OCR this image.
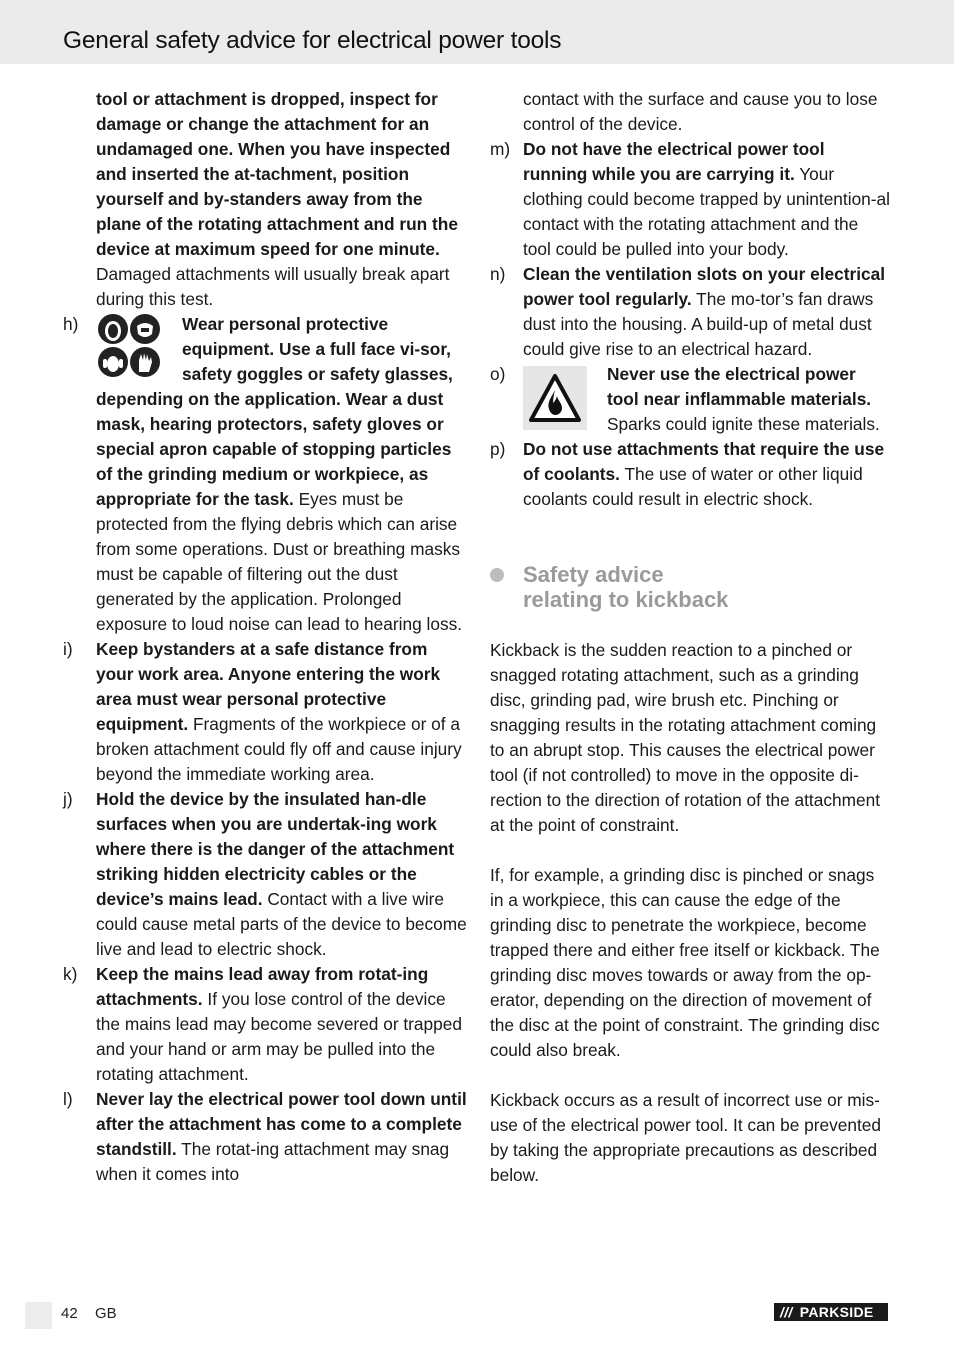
General safety advice for electrical power tools

tool or attachment is dropped, inspect for damage or change the attachment for an undamaged one. When you have inspected and inserted the at-tachment, position yourself and by-standers away from the plane of the rotating attachment and run the device at maximum speed for one minute.

Damaged attachments will usually break apart during this test.

h)	Wear personal protective equipment. Use a full face vi-sor, safety goggles or safety glasses, depending on the application. Wear a dust mask, hearing protectors, safety gloves or special apron capable of stopping particles of the grinding medium or workpiece, as appropriate for the task. Eyes must be protected from the flying debris which can arise from some operations. Dust or breathing masks must be capable of filtering out the dust generated by the application. Prolonged exposure to loud noise can lead to hearing loss.

i)	Keep bystanders at a safe distance from your work area. Anyone entering the work area must wear personal protective equipment. Fragments of the workpiece or of a broken attachment could fly off and cause injury beyond the immediate working area.

j)	Hold the device by the insulated han-dle surfaces when you are undertak-ing work where there is the danger of the attachment striking hidden electricity cables or the device’s mains lead. Contact with a live wire could cause metal parts of the device to become live and lead to electric shock.

k)	Keep the mains lead away from rotat-ing attachments. If you lose control of the device the mains lead may become severed or trapped and your hand or arm may be pulled into the rotating attachment.

l)	Never lay the electrical power tool down until after the attachment has come to a complete standstill. The rotat-ing attachment may snag when it comes into

contact with the surface and cause you to lose control of the device.

m) Do not have the electrical power tool running while you are carrying it. Your clothing could become trapped by unintention-al contact with the rotating attachment and the tool could be pulled into your body.

n)	Clean the ventilation slots on your electrical power tool regularly. The mo-tor’s fan draws dust into the housing. A build-up of metal dust could give rise to an electrical hazard.

o)	Never use the electrical power tool near inflammable materials. Sparks could ignite these materials.

p)	Do not use attachments that require the use of coolants. The use of water or other liquid coolants could result in electric shock.

Safety advice
relating to kickback

Kickback is the sudden reaction to a pinched or snagged rotating attachment, such as a grinding disc, grinding pad, wire brush etc. Pinching or snagging results in the rotating attachment coming to an abrupt stop. This causes the electrical power tool (if not controlled) to move in the opposite di-rection to the direction of rotation of the attachment at the point of constraint.

If, for example, a grinding disc is pinched or snags in a workpiece, this can cause the edge of the grinding disc to penetrate the workpiece, become trapped there and either free itself or kickback. The grinding disc moves towards or away from the op-erator, depending on the direction of movement of the disc at the point of constraint. The grinding disc could also break.

Kickback occurs as a result of incorrect use or mis-use of the electrical power tool. It can be prevented by taking the appropriate precautions as described below.

42 GB	/// PARKSIDE
